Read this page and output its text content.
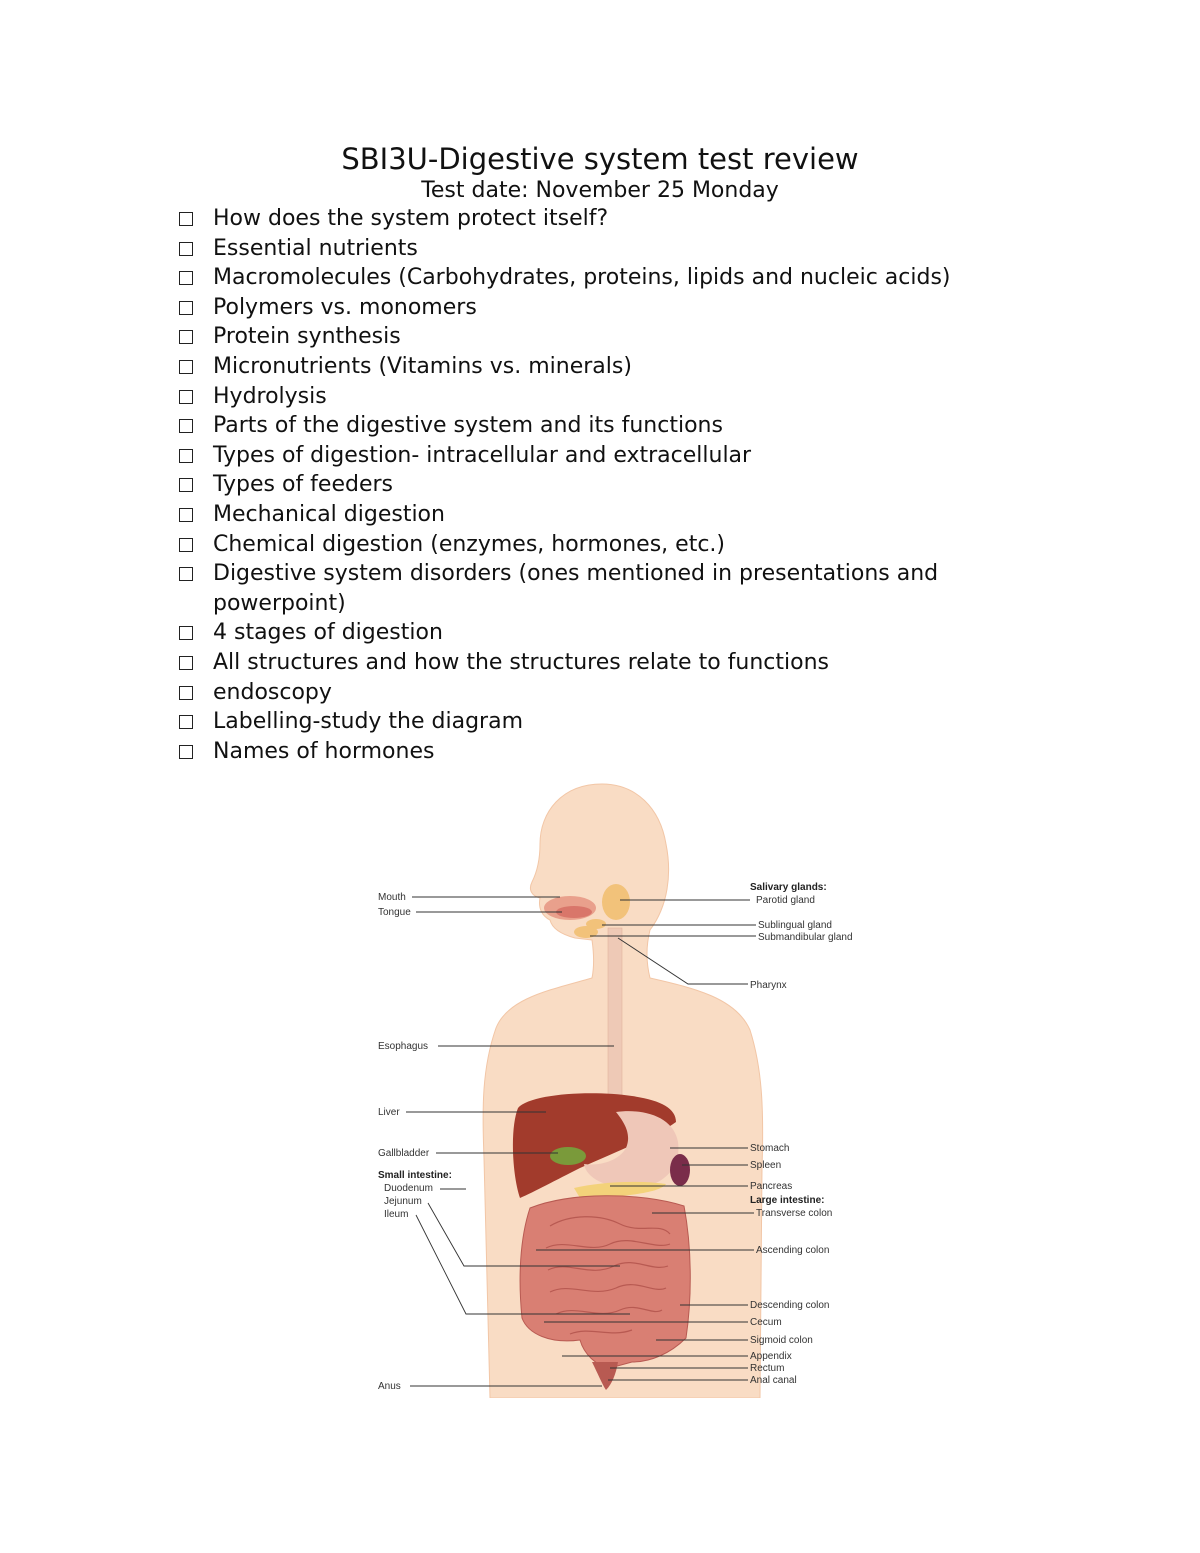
SBI3U-Digestive system test review
Test date: November 25 Monday
How does the system protect itself?
Essential nutrients
Macromolecules (Carbohydrates, proteins, lipids and nucleic acids)
Polymers vs. monomers
Protein synthesis
Micronutrients (Vitamins vs. minerals)
Hydrolysis
Parts of the digestive system and its functions
Types of digestion- intracellular and extracellular
Types of feeders
Mechanical digestion
Chemical digestion (enzymes, hormones, etc.)
Digestive system disorders (ones mentioned in presentations and powerpoint)
4 stages of digestion
All structures and how the structures relate to functions
endoscopy
Labelling-study the diagram
Names of hormones
Mouth
Tongue
Esophagus
Liver
Gallbladder
Small intestine:
Duodenum
Jejunum
Ileum
Anus
Salivary glands:
Parotid gland
Sublingual gland
Submandibular gland
Pharynx
Stomach
Spleen
Pancreas
Large intestine:
Transverse colon
Ascending colon
Descending colon
Cecum
Sigmoid colon
Appendix
Rectum
Anal canal
